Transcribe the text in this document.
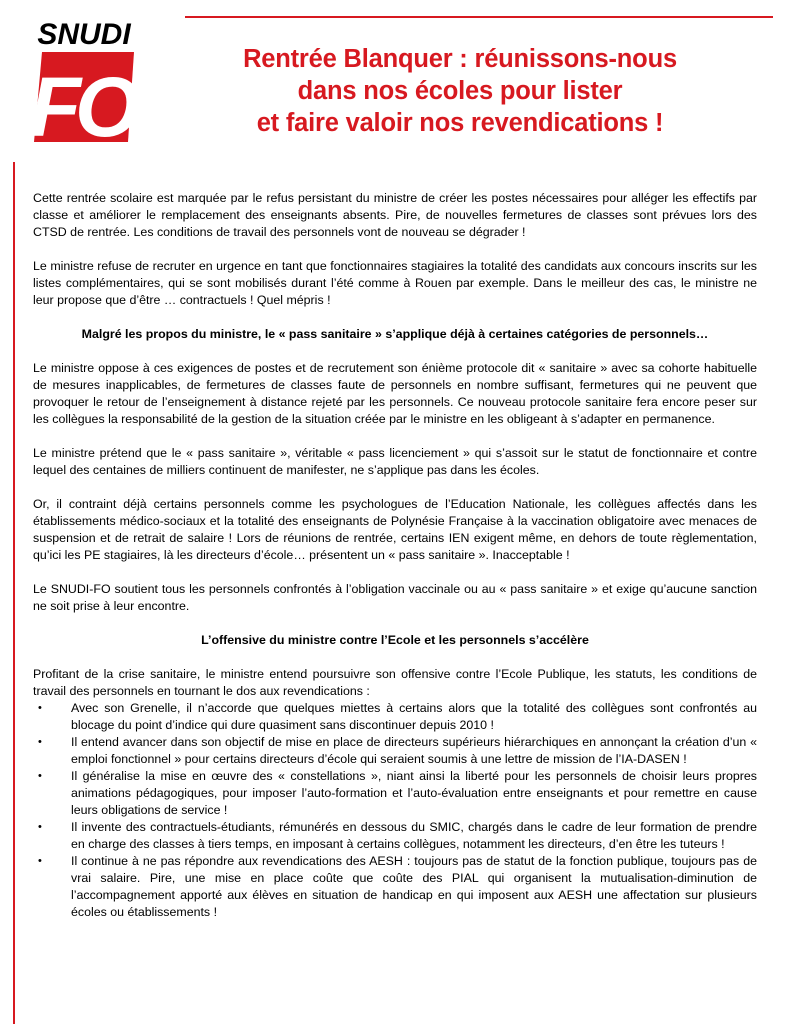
SNUDI
FO
Rentrée Blanquer : réunissons-nous
dans nos écoles pour lister
et faire valoir nos revendications !

Cette rentrée scolaire est marquée par le refus persistant du ministre de créer les postes nécessaires pour alléger les effectifs par classe et améliorer le remplacement des enseignants absents. Pire, de nouvelles fermetures de classes sont prévues lors des CTSD de rentrée. Les conditions de travail des personnels vont de nouveau se dégrader !

Le ministre refuse de recruter en urgence en tant que fonctionnaires stagiaires la totalité des candidats aux concours inscrits sur les listes complémentaires, qui se sont mobilisés durant l’été comme à Rouen par exemple. Dans le meilleur des cas, le ministre ne leur propose que d’être … contractuels ! Quel mépris !

Malgré les propos du ministre, le « pass sanitaire » s’applique déjà à certaines catégories de personnels…

Le ministre oppose à ces exigences de postes et de recrutement son énième protocole dit « sanitaire » avec sa cohorte habituelle de mesures inapplicables, de fermetures de classes faute de personnels en nombre suffisant, fermetures qui ne peuvent que provoquer le retour de l’enseignement à distance rejeté par les personnels. Ce nouveau protocole sanitaire fera encore peser sur les collègues la responsabilité de la gestion de la situation créée par le ministre en les obligeant à s’adapter en permanence.

Le ministre prétend que le « pass sanitaire », véritable « pass licenciement » qui s’assoit sur le statut de fonctionnaire et contre lequel des centaines de milliers continuent de manifester, ne s’applique pas dans les écoles.

Or, il contraint déjà certains personnels comme les psychologues de l’Education Nationale, les collègues affectés dans les établissements médico-sociaux et la totalité des enseignants de Polynésie Française à la vaccination obligatoire avec menaces de suspension et de retrait de salaire ! Lors de réunions de rentrée, certains IEN exigent même, en dehors de toute règlementation, qu’ici les PE stagiaires, là les directeurs d’école… présentent un « pass sanitaire ». Inacceptable !

Le SNUDI-FO soutient tous les personnels confrontés à l’obligation vaccinale ou au « pass sanitaire » et exige qu’aucune sanction ne soit prise à leur encontre.

L’offensive du ministre contre l’Ecole et les personnels s’accélère

Profitant de la crise sanitaire, le ministre entend poursuivre son offensive contre l’Ecole Publique, les statuts, les conditions de travail des personnels en tournant le dos aux revendications :

• Avec son Grenelle, il n’accorde que quelques miettes à certains alors que la totalité des collègues sont confrontés au blocage du point d’indice qui dure quasiment sans discontinuer depuis 2010 !
• Il entend avancer dans son objectif de mise en place de directeurs supérieurs hiérarchiques en annonçant la création d’un « emploi fonctionnel » pour certains directeurs d’école qui seraient soumis à une lettre de mission de l’IA-DASEN !
• Il généralise la mise en œuvre des « constellations », niant ainsi la liberté pour les personnels de choisir leurs propres animations pédagogiques, pour imposer l’auto-formation et l’auto-évaluation entre enseignants et pour remettre en cause leurs obligations de service !
• Il invente des contractuels-étudiants, rémunérés en dessous du SMIC, chargés dans le cadre de leur formation de prendre en charge des classes à tiers temps, en imposant à certains collègues, notamment les directeurs, d’en être les tuteurs !
• Il continue à ne pas répondre aux revendications des AESH : toujours pas de statut de la fonction publique, toujours pas de vrai salaire. Pire, une mise en place coûte que coûte des PIAL qui organisent la mutualisation-diminution de l’accompagnement apporté aux élèves en situation de handicap en qui imposent aux AESH une affectation sur plusieurs écoles ou établissements !
